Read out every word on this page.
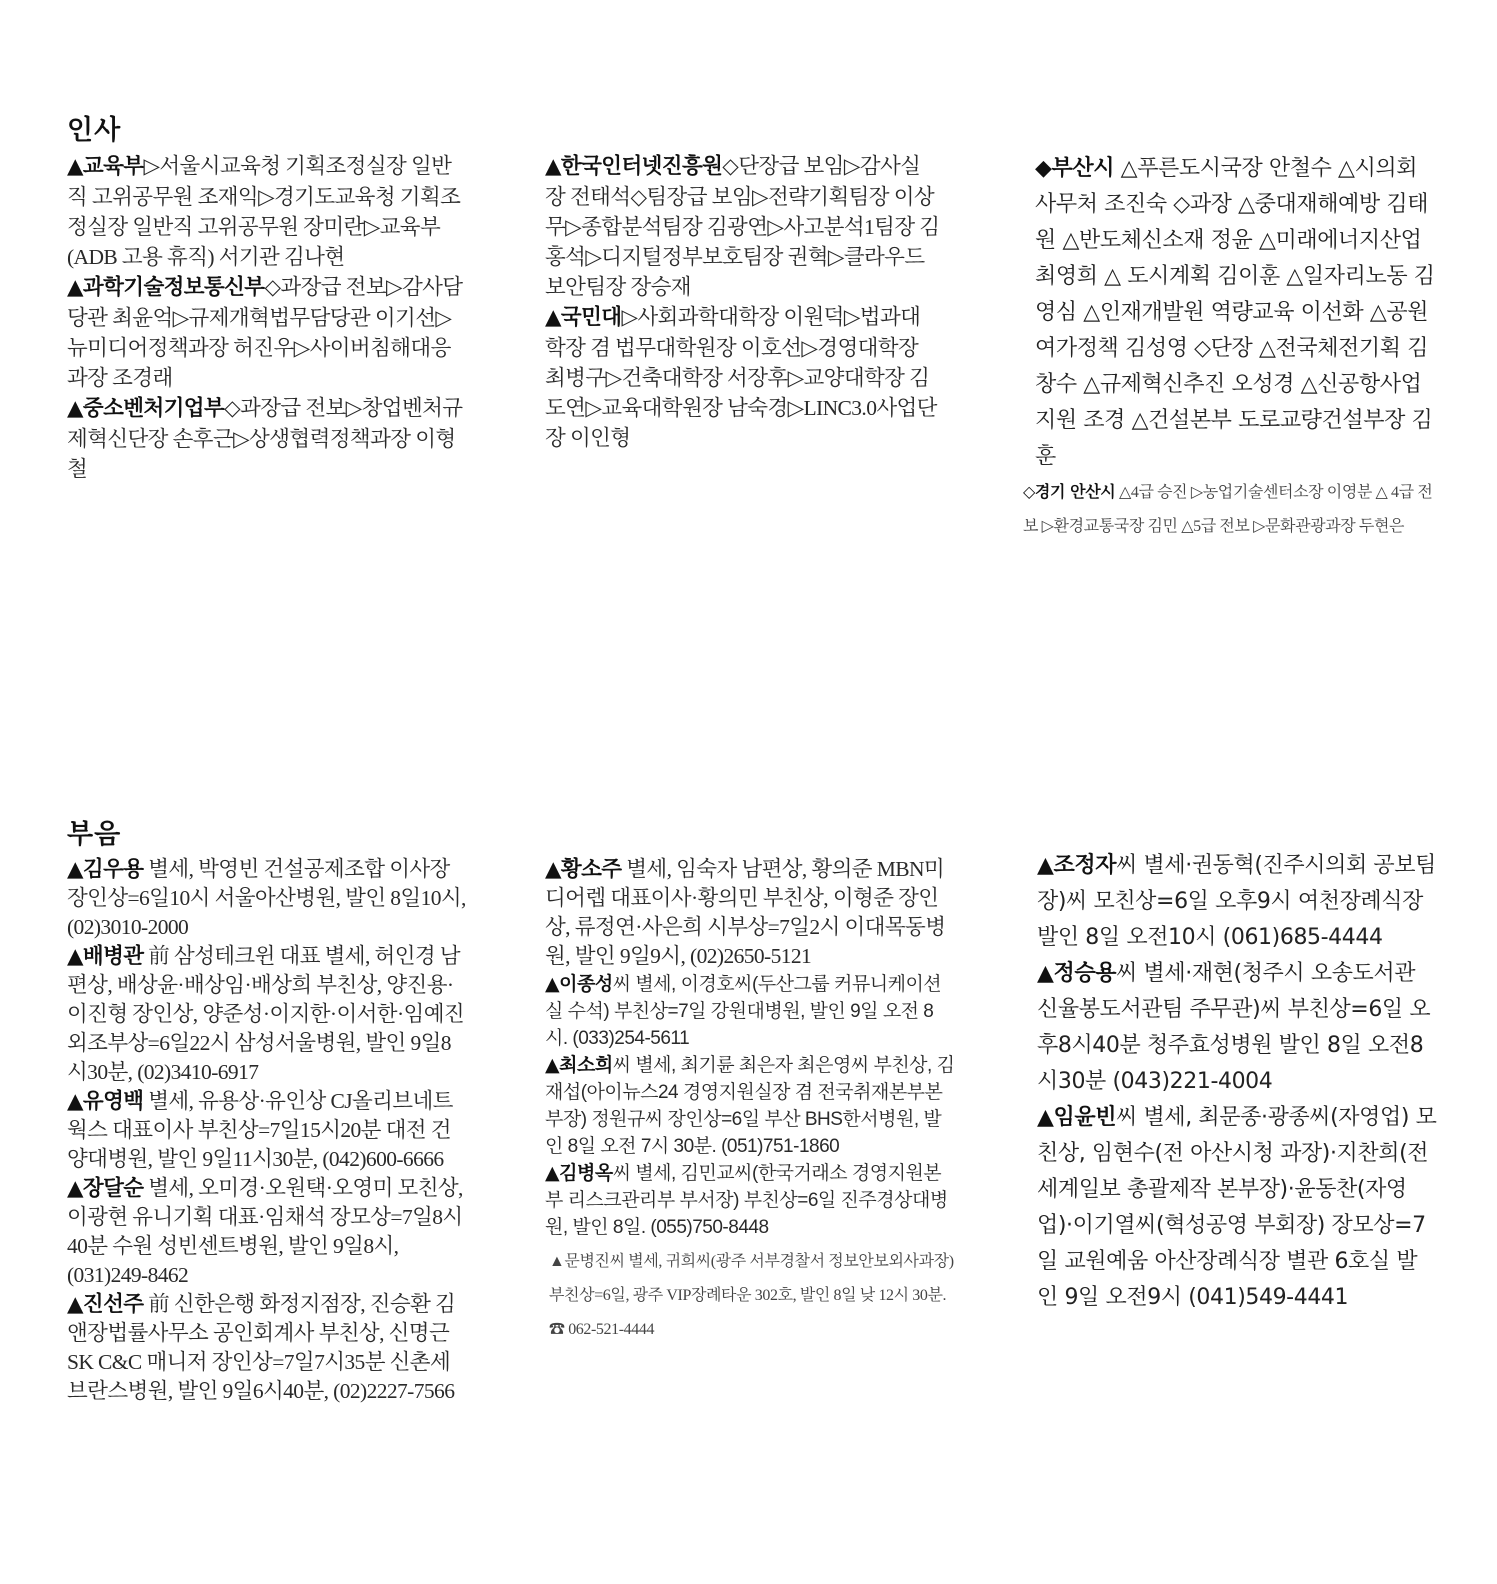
인사

▲교육부▷서울시교육청 기획조정실장 일반직 고위공무원 조재익▷경기도교육청 기획조정실장 일반직 고위공무원 장미란▷교육부(ADB 고용 휴직) 서기관 김나현

▲과학기술정보통신부◇과장급 전보▷감사담당관 최윤억▷규제개혁법무담당관 이기선▷뉴미디어정책과장 허진우▷사이버침해대응과장 조경래

▲중소벤처기업부◇과장급 전보▷창업벤처규제혁신단장 손후근▷상생협력정책과장 이형철

▲한국인터넷진흥원◇단장급 보임▷감사실장 전태석◇팀장급 보임▷전략기획팀장 이상무▷종합분석팀장 김광연▷사고분석1팀장 김홍석▷디지털정부보호팀장 권혁▷클라우드보안팀장 장승재

▲국민대▷사회과학대학장 이원덕▷법과대학장 겸 법무대학원장 이호선▷경영대학장 최병구▷건축대학장 서장후▷교양대학장 김도연▷교육대학원장 남숙경▷LINC3.0사업단장 이인형

◆부산시 △푸른도시국장 안철수 △시의회사무처 조진숙 ◇과장 △중대재해예방 김태원 △반도체신소재 정윤 △미래에너지산업 최영희 △ 도시계획 김이훈 △일자리노동 김영심 △인재개발원 역량교육 이선화 △공원여가정책 김성영 ◇단장 △전국체전기획 김창수 △규제혁신추진 오성경 △신공항사업지원 조경 △건설본부 도로교량건설부장 김훈

◇경기 안산시 △4급 승진 ▷농업기술센터소장 이영분 △ 4급 전보 ▷환경교통국장 김민 △5급 전보 ▷문화관광과장 두현은

부음

▲김우용 별세, 박영빈 건설공제조합 이사장 장인상=6일10시 서울아산병원, 발인 8일10시, (02)3010-2000

▲배병관 前 삼성테크윈 대표 별세, 허인경 남편상, 배상윤·배상임·배상희 부친상, 양진용·이진형 장인상, 양준성·이지한·이서한·임예진 외조부상=6일22시 삼성서울병원, 발인 9일8시30분, (02)3410-6917

▲유영백 별세, 유용상·유인상 CJ올리브네트웍스 대표이사 부친상=7일15시20분 대전 건양대병원, 발인 9일11시30분, (042)600-6666

▲장달순 별세, 오미경·오원택·오영미 모친상, 이광현 유니기획 대표·임채석 장모상=7일8시40분 수원 성빈센트병원, 발인 9일8시, (031)249-8462

▲진선주 前 신한은행 화정지점장, 진승환 김앤장법률사무소 공인회계사 부친상, 신명근 SK C&C 매니저 장인상=7일7시35분 신촌세브란스병원, 발인 9일6시40분, (02)2227-7566

▲황소주 별세, 임숙자 남편상, 황의준 MBN미디어렙 대표이사·황의민 부친상, 이형준 장인상, 류정연·사은희 시부상=7일2시 이대목동병원, 발인 9일9시, (02)2650-5121

▲이종성씨 별세, 이경호씨(두산그룹 커뮤니케이션실 수석) 부친상=7일 강원대병원, 발인 9일 오전 8시. (033)254-5611

▲최소희씨 별세, 최기륜 최은자 최은영씨 부친상, 김재섭(아이뉴스24 경영지원실장 겸 전국취재본부본부장) 정원규씨 장인상=6일 부산 BHS한서병원, 발인 8일 오전 7시 30분. (051)751-1860

▲김병옥씨 별세, 김민교씨(한국거래소 경영지원본부 리스크관리부 부서장) 부친상=6일 진주경상대병원, 발인 8일. (055)750-8448

▲문병진씨 별세, 귀희씨(광주 서부경찰서 정보안보외사과장) 부친상=6일, 광주 VIP장례타운 302호, 발인 8일 낮 12시 30분. ☎ 062-521-4444

▲조정자씨 별세·권동혁(진주시의회 공보팀장)씨 모친상=6일 오후9시 여천장례식장 발인 8일 오전10시 (061)685-4444

▲정승용씨 별세·재현(청주시 오송도서관 신율봉도서관팀 주무관)씨 부친상=6일 오후8시40분 청주효성병원 발인 8일 오전8시30분 (043)221-4004

▲임윤빈씨 별세, 최문종·광종씨(자영업) 모친상, 임현수(전 아산시청 과장)·지찬희(전 세계일보 총괄제작 본부장)·윤동찬(자영업)·이기열씨(혁성공영 부회장) 장모상=7일 교원예움 아산장례식장 별관 6호실 발인 9일 오전9시 (041)549-4441
